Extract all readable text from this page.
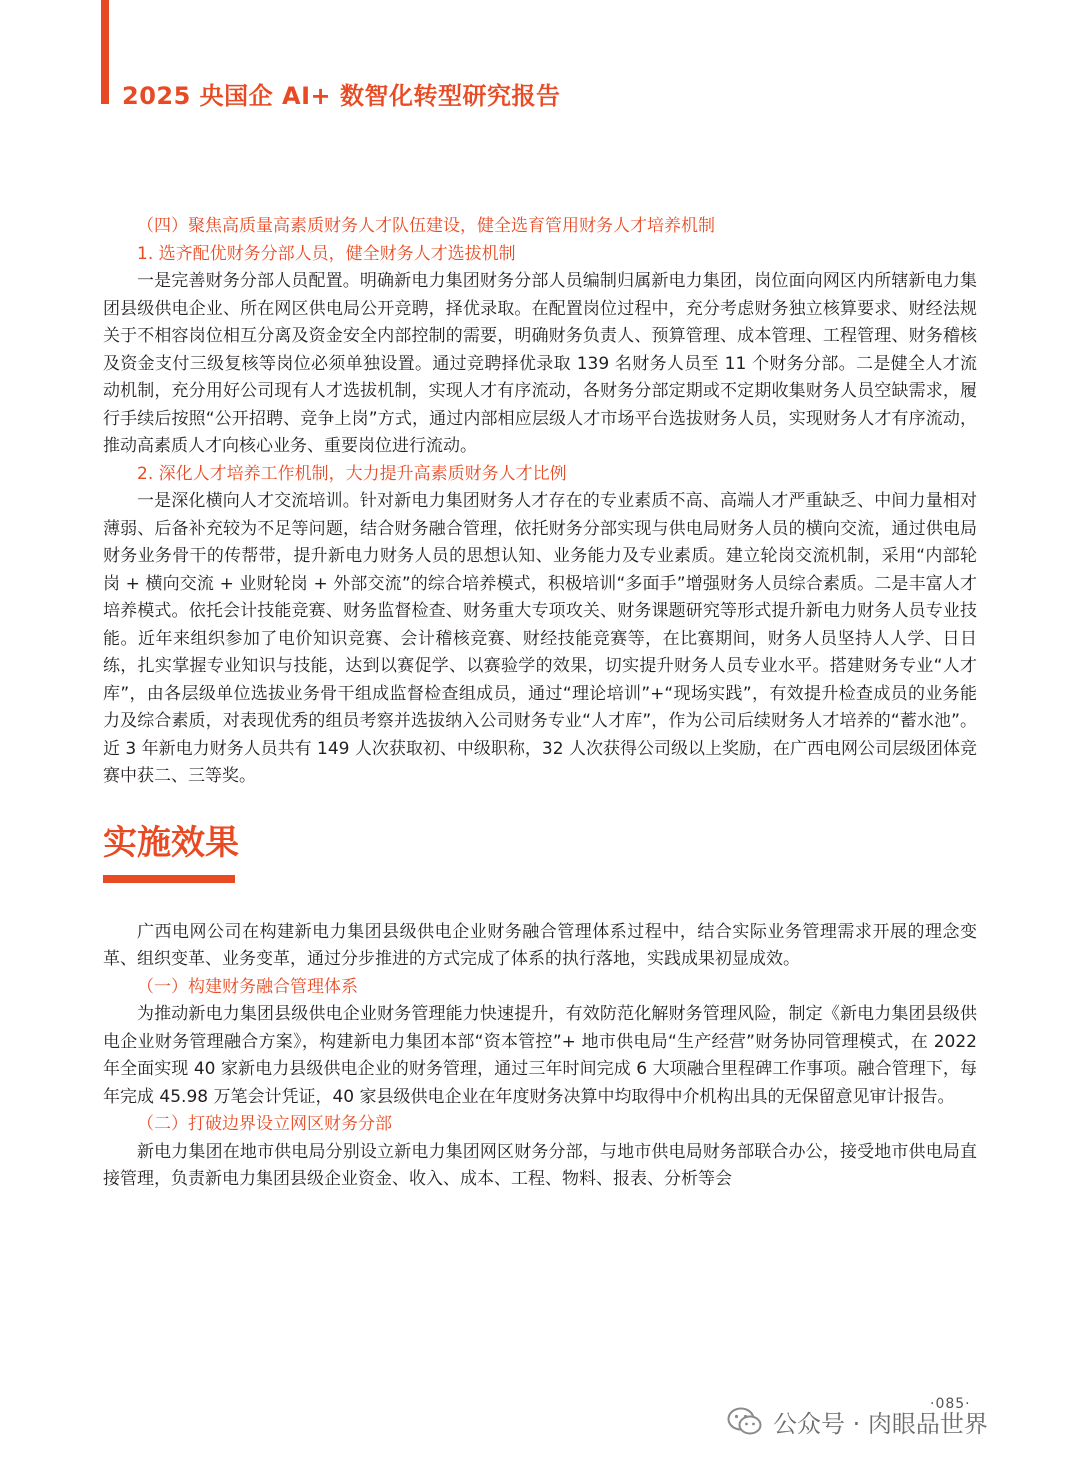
2025 央国企 AI+ 数智化转型研究报告

（四）聚焦高质量高素质财务人才队伍建设，健全选育管用财务人才培养机制

1. 选齐配优财务分部人员，健全财务人才选拔机制

一是完善财务分部人员配置。明确新电力集团财务分部人员编制归属新电力集团，岗位面向网区内所辖新电力集团县级供电企业、所在网区供电局公开竞聘，择优录取。在配置岗位过程中，充分考虑财务独立核算要求、财经法规关于不相容岗位相互分离及资金安全内部控制的需要，明确财务负责人、预算管理、成本管理、工程管理、财务稽核及资金支付三级复核等岗位必须单独设置。通过竞聘择优录取 139 名财务人员至 11 个财务分部。二是健全人才流动机制，充分用好公司现有人才选拔机制，实现人才有序流动，各财务分部定期或不定期收集财务人员空缺需求，履行手续后按照“公开招聘、竞争上岗”方式，通过内部相应层级人才市场平台选拔财务人员，实现财务人才有序流动，推动高素质人才向核心业务、重要岗位进行流动。

2. 深化人才培养工作机制，大力提升高素质财务人才比例

一是深化横向人才交流培训。针对新电力集团财务人才存在的专业素质不高、高端人才严重缺乏、中间力量相对薄弱、后备补充较为不足等问题，结合财务融合管理，依托财务分部实现与供电局财务人员的横向交流，通过供电局财务业务骨干的传帮带，提升新电力财务人员的思想认知、业务能力及专业素质。建立轮岗交流机制，采用“内部轮岗 + 横向交流 + 业财轮岗 + 外部交流”的综合培养模式，积极培训“多面手”增强财务人员综合素质。二是丰富人才培养模式。依托会计技能竞赛、财务监督检查、财务重大专项攻关、财务课题研究等形式提升新电力财务人员专业技能。近年来组织参加了电价知识竞赛、会计稽核竞赛、财经技能竞赛等，在比赛期间，财务人员坚持人人学、日日练，扎实掌握专业知识与技能，达到以赛促学、以赛验学的效果，切实提升财务人员专业水平。搭建财务专业“人才库”，由各层级单位选拔业务骨干组成监督检查组成员，通过“理论培训”+“现场实践”，有效提升检查成员的业务能力及综合素质，对表现优秀的组员考察并选拔纳入公司财务专业“人才库”，作为公司后续财务人才培养的“蓄水池”。近 3 年新电力财务人员共有 149 人次获取初、中级职称，32 人次获得公司级以上奖励，在广西电网公司层级团体竞赛中获二、三等奖。

实施效果

广西电网公司在构建新电力集团县级供电企业财务融合管理体系过程中，结合实际业务管理需求开展的理念变革、组织变革、业务变革，通过分步推进的方式完成了体系的执行落地，实践成果初显成效。

（一）构建财务融合管理体系

为推动新电力集团县级供电企业财务管理能力快速提升，有效防范化解财务管理风险，制定《新电力集团县级供电企业财务管理融合方案》，构建新电力集团本部“资本管控”+ 地市供电局“生产经营”财务协同管理模式，在 2022 年全面实现 40 家新电力县级供电企业的财务管理，通过三年时间完成 6 大项融合里程碑工作事项。融合管理下，每年完成 45.98 万笔会计凭证，40 家县级供电企业在年度财务决算中均取得中介机构出具的无保留意见审计报告。

（二）打破边界设立网区财务分部

新电力集团在地市供电局分别设立新电力集团网区财务分部，与地市供电局财务部联合办公，接受地市供电局直接管理，负责新电力集团县级企业资金、收入、成本、工程、物料、报表、分析等会

·085·
公众号 · 肉眼品世界
